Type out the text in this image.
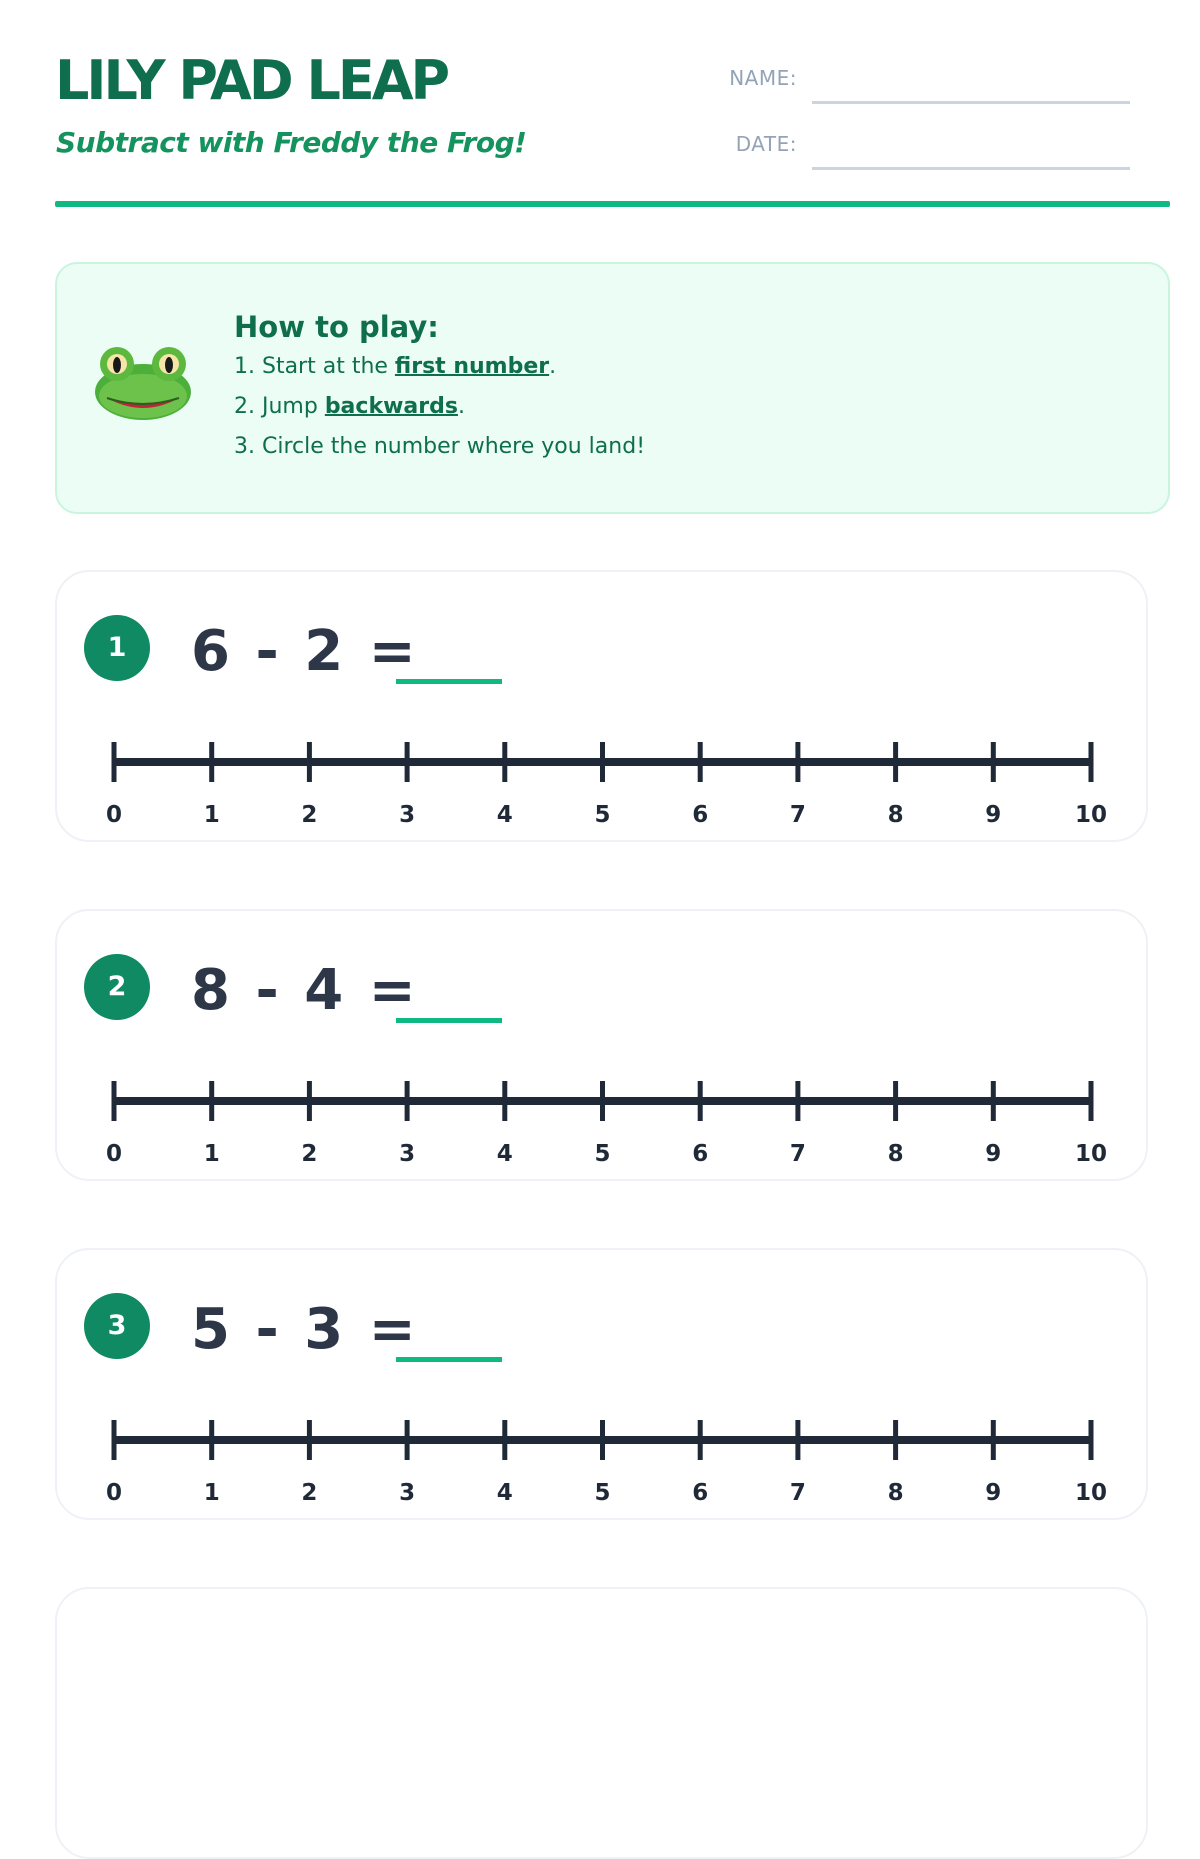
LILY PAD LEAP
Subtract with Freddy the Frog!
NAME:
DATE:
How to play:
1. Start at the first number.
2. Jump backwards.
3. Circle the number where you land!
1	6 - 2 =
0	1	2	3	4	5	6	7	8	9	10
2	8 - 4 =
0	1	2	3	4	5	6	7	8	9	10
3	5 - 3 =
0	1	2	3	4	5	6	7	8	9	10
